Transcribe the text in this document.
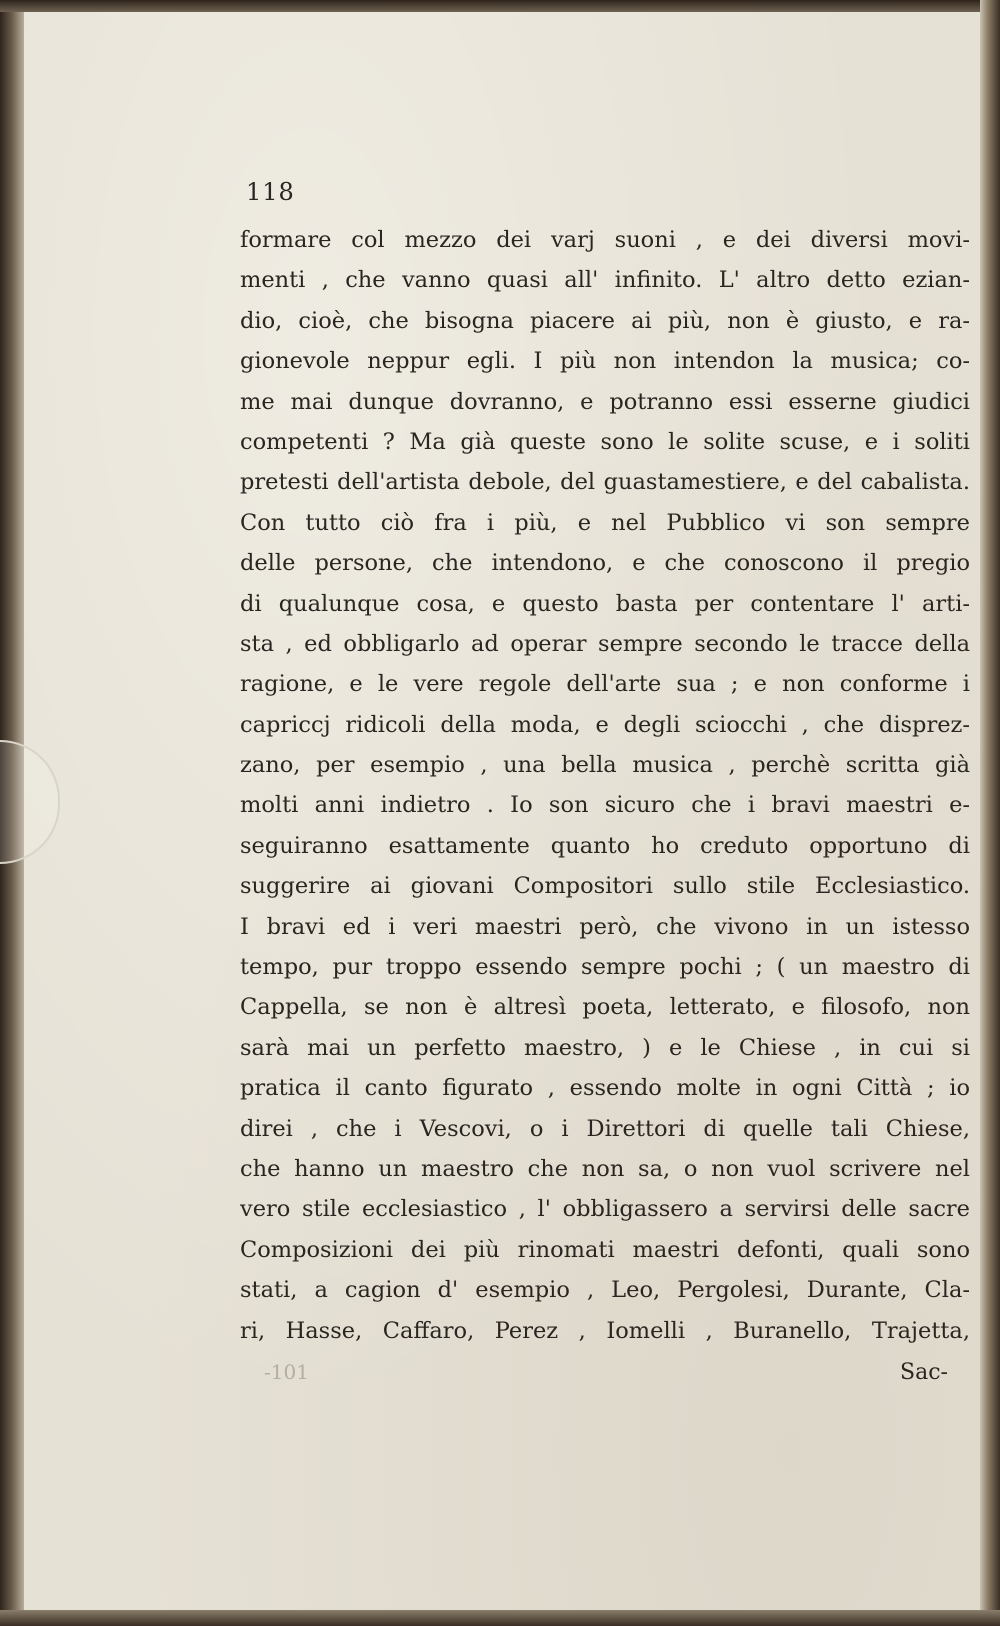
118
formare col mezzo dei varj suoni , e dei diversi movi-
menti , che vanno quasi all' infinito. L' altro detto ezian-
dio, cioè, che bisogna piacere ai più, non è giusto, e ra-
gionevole neppur egli. I più non intendon la musica; co-
me mai dunque dovranno, e potranno essi esserne giudici
competenti ? Ma già queste sono le solite scuse, e i soliti
pretesti dell'artista debole, del guastamestiere, e del cabalista.
Con tutto ciò fra i più, e nel Pubblico vi son sempre
delle persone, che intendono, e che conoscono il pregio
di qualunque cosa, e questo basta per contentare l' arti-
sta , ed obbligarlo ad operar sempre secondo le tracce della
ragione, e le vere regole dell'arte sua ; e non conforme i
capriccj ridicoli della moda, e degli sciocchi , che disprez-
zano, per esempio , una bella musica , perchè scritta già
molti anni indietro . Io son sicuro che i bravi maestri e-
seguiranno esattamente quanto ho creduto opportuno di
suggerire ai giovani Compositori sullo stile Ecclesiastico.
I bravi ed i veri maestri però, che vivono in un istesso
tempo, pur troppo essendo sempre pochi ; ( un maestro di
Cappella, se non è altresì poeta, letterato, e filosofo, non
sarà mai un perfetto maestro, ) e le Chiese , in cui si
pratica il canto figurato , essendo molte in ogni Città ; io
direi , che i Vescovi, o i Direttori di quelle tali Chiese,
che hanno un maestro che non sa, o non vuol scrivere nel
vero stile ecclesiastico , l' obbligassero a servirsi delle sacre
Composizioni dei più rinomati maestri defonti, quali sono
stati, a cagion d' esempio , Leo, Pergolesi, Durante, Cla-
ri, Hasse, Caffaro, Perez , Iomelli , Buranello, Trajetta,
-101	Sac-
